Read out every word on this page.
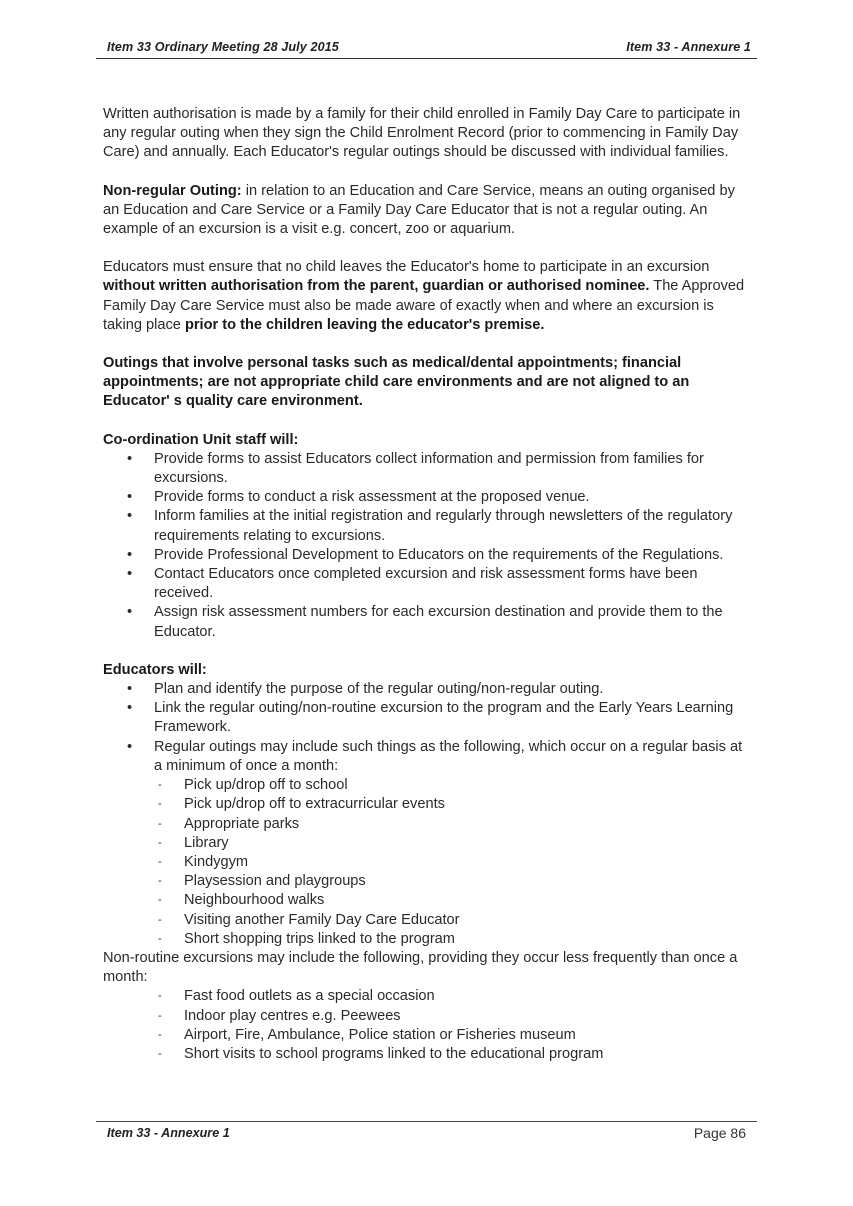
Item 33 Ordinary Meeting 28 July 2015	Item 33 - Annexure 1

Written authorisation is made by a family for their child enrolled in Family Day Care to participate in any regular outing when they sign the Child Enrolment Record (prior to commencing in Family Day Care) and annually. Each Educator's regular outings should be discussed with individual families.

Non-regular Outing: in relation to an Education and Care Service, means an outing organised by an Education and Care Service or a Family Day Care Educator that is not a regular outing. An example of an excursion is a visit e.g. concert, zoo or aquarium.

Educators must ensure that no child leaves the Educator's home to participate in an excursion without written authorisation from the parent, guardian or authorised nominee. The Approved Family Day Care Service must also be made aware of exactly when and where an excursion is taking place prior to the children leaving the educator's premise.

Outings that involve personal tasks such as medical/dental appointments; financial appointments; are not appropriate child care environments and are not aligned to an Educator' s quality care environment.

Co-ordination Unit staff will:
• Provide forms to assist Educators collect information and permission from families for excursions.
• Provide forms to conduct a risk assessment at the proposed venue.
• Inform families at the initial registration and regularly through newsletters of the regulatory requirements relating to excursions.
• Provide Professional Development to Educators on the requirements of the Regulations.
• Contact Educators once completed excursion and risk assessment forms have been received.
• Assign risk assessment numbers for each excursion destination and provide them to the Educator.
Educators will:
• Plan and identify the purpose of the regular outing/non-regular outing.
• Link the regular outing/non-routine excursion to the program and the Early Years Learning Framework.
• Regular outings may include such things as the following, which occur on a regular basis at a minimum of once a month:
- Pick up/drop off to school
- Pick up/drop off to extracurricular events
- Appropriate parks
- Library
- Kindygym
- Playsession and playgroups
- Neighbourhood walks
- Visiting another Family Day Care Educator
- Short shopping trips linked to the program
Non-routine excursions may include the following, providing they occur less frequently than once a month:
- Fast food outlets as a special occasion
- Indoor play centres e.g. Peewees
- Airport, Fire, Ambulance, Police station or Fisheries museum
- Short visits to school programs linked to the educational program
Item 33 - Annexure 1	Page 86
